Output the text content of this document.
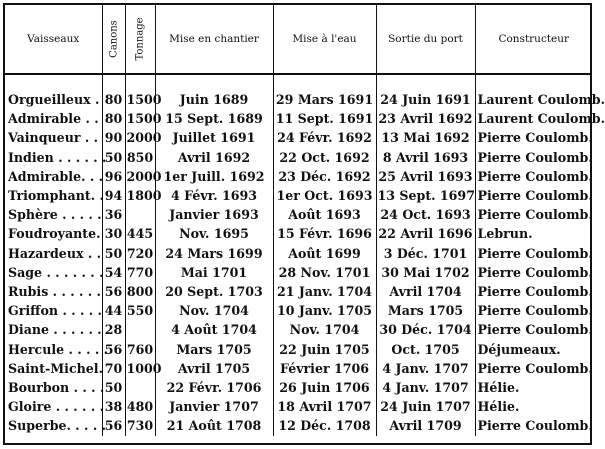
Vaisseaux	Canons	Tonnage	Mise en chantier	Mise à l'eau	Sortie du port	Constructeur
Orgueilleux .	80	1500	Juin 1689	29 Mars 1691	24 Juin 1691	Laurent Coulomb.
Admirable . .	80	1500	15 Sept. 1689	11 Sept. 1691	23 Avril 1692	Laurent Coulomb.
Vainqueur . .	90	2000	Juillet 1691	24 Févr. 1692	13 Mai 1692	Pierre Coulomb.
Indien . . . . . .	50	850	Avril 1692	22 Oct. 1692	8 Avril 1693	Pierre Coulomb.
Admirable. . .	96	2000	1er Juill. 1692	23 Déc. 1692	25 Avril 1693	Pierre Coulomb.
Triomphant. .	94	1800	4 Févr. 1693	1er Oct. 1693	13 Sept. 1697	Pierre Coulomb.
Sphère . . . . .	36		Janvier 1693	Août 1693	24 Oct. 1693	Pierre Coulomb.
Foudroyante.	30	445	Nov. 1695	15 Févr. 1696	22 Avril 1696	Lebrun.
Hazardeux . .	50	720	24 Mars 1699	Août 1699	3 Déc. 1701	Pierre Coulomb.
Sage . . . . . . .	54	770	Mai 1701	28 Nov. 1701	30 Mai 1702	Pierre Coulomb.
Rubis . . . . . .	56	800	20 Sept. 1703	21 Janv. 1704	Avril 1704	Pierre Coulomb.
Griffon . . . . .	44	550	Nov. 1704	10 Janv. 1705	Mars 1705	Pierre Coulomb.
Diane . . . . . .	28		4 Août 1704	Nov. 1704	30 Déc. 1704	Pierre Coulomb.
Hercule . . . . .	56	760	Mars 1705	22 Juin 1705	Oct. 1705	Déjumeaux.
Saint-Michel.	70	1000	Avril 1705	Février 1706	4 Janv. 1707	Pierre Coulomb.
Bourbon . . . .	50		22 Févr. 1706	26 Juin 1706	4 Janv. 1707	Hélie.
Gloire . . . . . .	38	480	Janvier 1707	18 Avril 1707	24 Juin 1707	Hélie.
Superbe. . . . .	56	730	21 Août 1708	12 Déc. 1708	Avril 1709	Pierre Coulomb.
